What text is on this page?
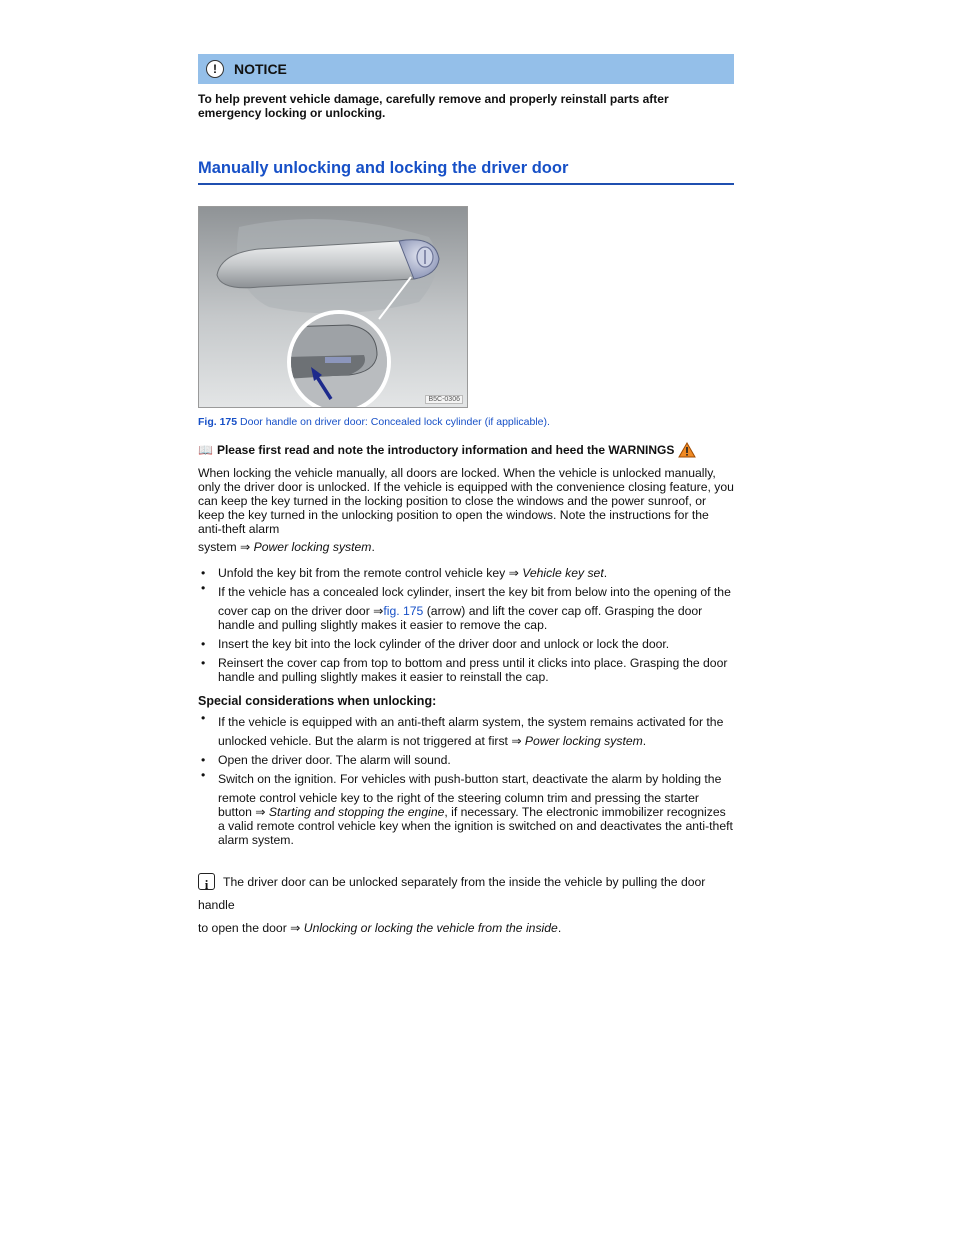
!	NOTICE

To help prevent vehicle damage, carefully remove and properly reinstall parts after emergency locking or unlocking.

Manually unlocking and locking the driver door
B5C-0306
Fig. 175 Door handle on driver door: Concealed lock cylinder (if applicable).
📖 Please first read and note the introductory information and heed the WARNINGS

When locking the vehicle manually, all doors are locked. When the vehicle is unlocked manually, only the driver door is unlocked. If the vehicle is equipped with the convenience closing feature, you can keep the key turned in the locking position to close the windows and the power sunroof, or keep the key turned in the unlocking position to open the windows. Note the instructions for the anti-theft alarm

system ⇒ Power locking system.

• Unfold the key bit from the remote control vehicle key ⇒ Vehicle key set.
• If the vehicle has a concealed lock cylinder, insert the key bit from below into the opening of the
cover cap on the driver door ⇒fig. 175 (arrow) and lift the cover cap off. Grasping the door handle and pulling slightly makes it easier to remove the cap.
• Insert the key bit into the lock cylinder of the driver door and unlock or lock the door.
• Reinsert the cover cap from top to bottom and press until it clicks into place. Grasping the door handle and pulling slightly makes it easier to reinstall the cap.
Special considerations when unlocking:
• If the vehicle is equipped with an anti-theft alarm system, the system remains activated for the
unlocked vehicle. But the alarm is not triggered at first ⇒ Power locking system.
• Open the driver door. The alarm will sound.
• Switch on the ignition. For vehicles with push-button start, deactivate the alarm by holding the
remote control vehicle key to the right of the steering column trim and pressing the starter button ⇒ Starting and stopping the engine, if necessary. The electronic immobilizer recognizes a valid remote control vehicle key when the ignition is switched on and deactivates the anti-theft alarm system.

iThe driver door can be unlocked separately from the inside the vehicle by pulling the door handle

to open the door ⇒ Unlocking or locking the vehicle from the inside.
